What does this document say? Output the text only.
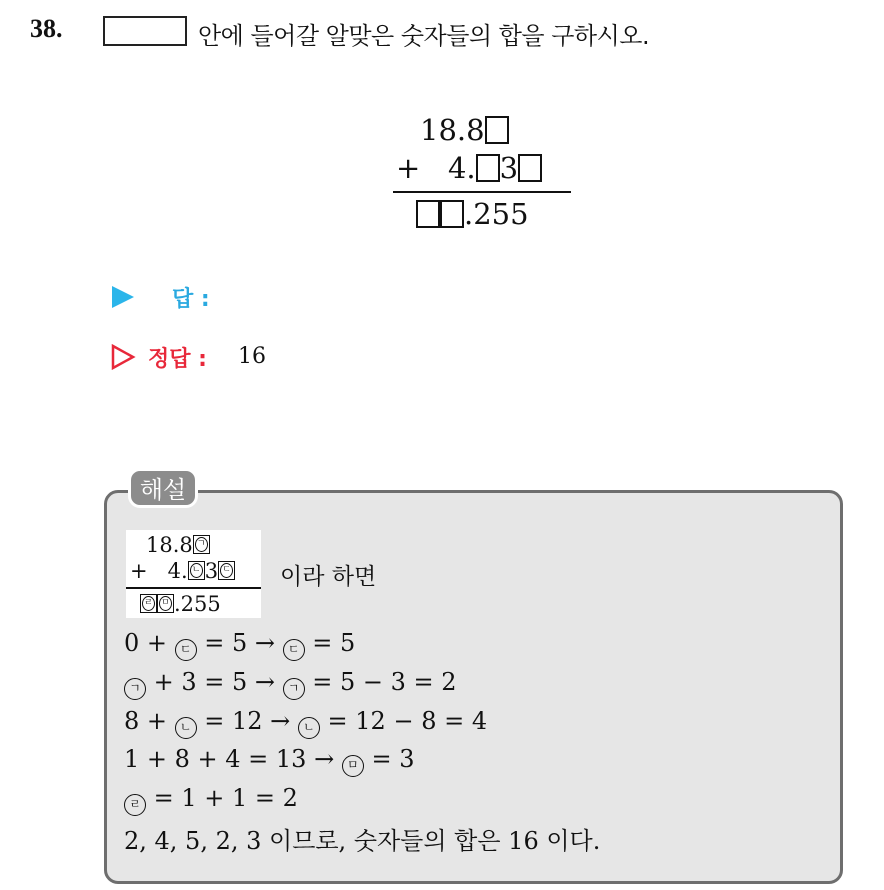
38.	안에 들어갈 알맞은 숫자들의 합을 구하시오.
18.8
+ 4. 3
.255
답 :
정답 : 16
해설
18.8 ㄱ
+ 4. ㄴ 3 ㄷ
ㄹ ㅁ .255
이라 하면
0 + ㄷ = 5 → ㄷ = 5
ㄱ + 3 = 5 → ㄱ = 5 − 3 = 2
8 + ㄴ = 12 → ㄴ = 12 − 8 = 4
1 + 8 + 4 = 13 → ㅁ = 3
ㄹ = 1 + 1 = 2
2, 4, 5, 2, 3 이므로, 숫자들의 합은 16 이다.
